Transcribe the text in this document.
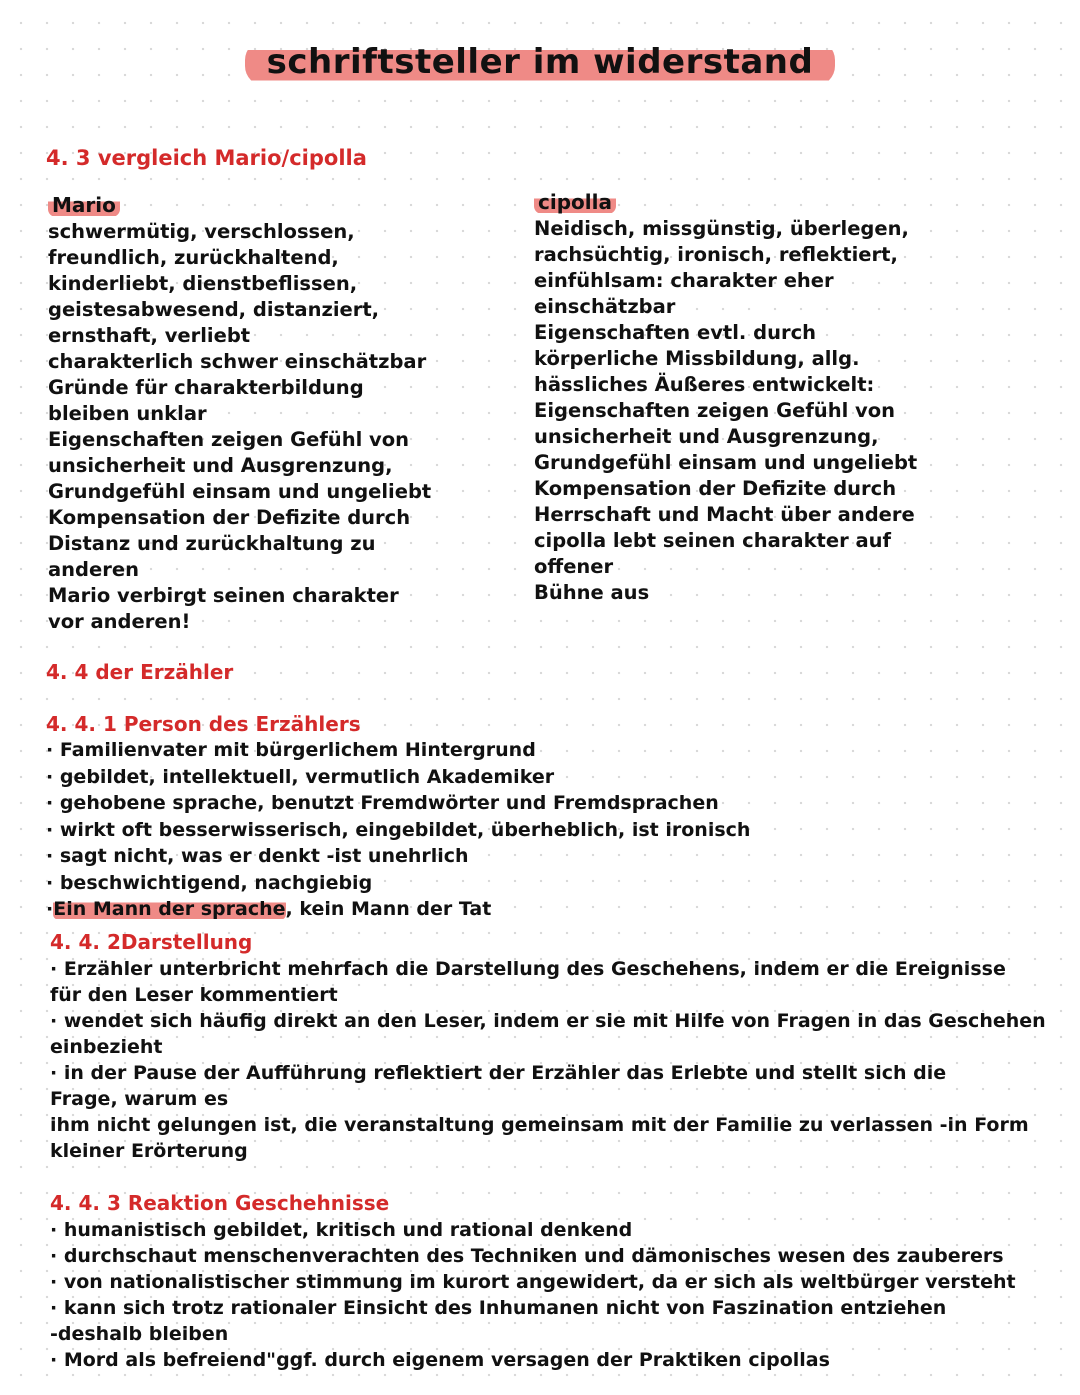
schriftsteller im widerstand
4. 3 vergleich Mario/cipolla
Mario
schwermütig, verschlossen,
freundlich, zurückhaltend,
kinderliebt, dienstbeflissen,
geistesabwesend, distanziert,
ernsthaft, verliebt
charakterlich schwer einschätzbar
Gründe für charakterbildung
bleiben unklar
Eigenschaften zeigen Gefühl von
unsicherheit und Ausgrenzung,
Grundgefühl einsam und ungeliebt
Kompensation der Defizite durch
Distanz und zurückhaltung zu
anderen
Mario verbirgt seinen charakter
vor anderen!
cipolla
Neidisch, missgünstig, überlegen,
rachsüchtig, ironisch, reflektiert,
einfühlsam: charakter eher
einschätzbar
Eigenschaften evtl. durch
körperliche Missbildung, allg.
hässliches Äußeres entwickelt:
Eigenschaften zeigen Gefühl von
unsicherheit und Ausgrenzung,
Grundgefühl einsam und ungeliebt
Kompensation der Defizite durch
Herrschaft und Macht über andere
cipolla lebt seinen charakter auf
offener
Bühne aus
4. 4 der Erzähler
4. 4. 1 Person des Erzählers
· Familienvater mit bürgerlichem Hintergrund
· gebildet, intellektuell, vermutlich Akademiker
· gehobene sprache, benutzt Fremdwörter und Fremdsprachen
· wirkt oft besserwisserisch, eingebildet, überheblich, ist ironisch
· sagt nicht, was er denkt -ist unehrlich
· beschwichtigend, nachgiebig
·Ein Mann der sprache, kein Mann der Tat
4. 4. 2Darstellung
· Erzähler unterbricht mehrfach die Darstellung des Geschehens, indem er die Ereignisse
für den Leser kommentiert
· wendet sich häufig direkt an den Leser, indem er sie mit Hilfe von Fragen in das Geschehen
einbezieht
· in der Pause der Aufführung reflektiert der Erzähler das Erlebte und stellt sich die
Frage, warum es
ihm nicht gelungen ist, die veranstaltung gemeinsam mit der Familie zu verlassen -in Form
kleiner Erörterung
4. 4. 3 Reaktion Geschehnisse
· humanistisch gebildet, kritisch und rational denkend
· durchschaut menschenverachten des Techniken und dämonisches wesen des zauberers
· von nationalistischer stimmung im kurort angewidert, da er sich als weltbürger versteht
· kann sich trotz rationaler Einsicht des Inhumanen nicht von Faszination entziehen
-deshalb bleiben
· Mord als befreiend"ggf. durch eigenem versagen der Praktiken cipollas
